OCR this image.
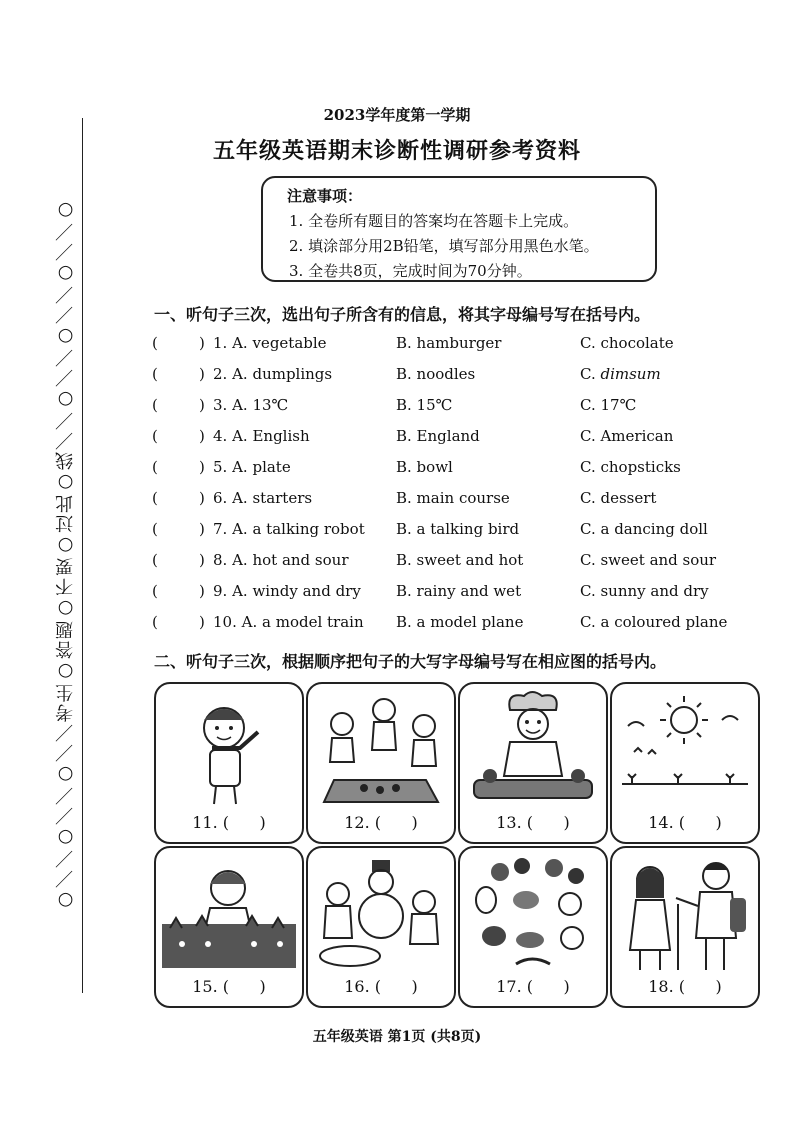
○／／○／／○／／考生○答题○不要○过此○线／／○／／○／／○／／○
2023学年度第一学期
五年级英语期末诊断性调研参考资料
注意事项：
1. 全卷所有题目的答案均在答题卡上完成。
2. 填涂部分用2B铅笔，填写部分用黑色水笔。
3. 全卷共8页，完成时间为70分钟。
一、听句子三次，选出句子所含有的信息，将其字母编号写在括号内。
(	) 1. A. vegetable	B. hamburger	C. chocolate
(	) 2. A. dumplings	B. noodles	C. dimsum
(	) 3. A. 13℃	B. 15℃	C. 17℃
(	) 4. A. English	B. England	C. American
(	) 5. A. plate	B. bowl	C. chopsticks
(	) 6. A. starters	B. main course	C. dessert
(	) 7. A. a talking robot B. a talking bird	C. a dancing doll
(	) 8. A. hot and sour	B. sweet and hot	C. sweet and sour
(	) 9. A. windy and dry B. rainy and wet	C. sunny and dry
(	) 10. A. a model train B. a model plane	C. a coloured plane
二、听句子三次，根据顺序把句子的大写字母编号写在相应图的括号内。
11. (      )	12. (      )	13. (      )	14. (      )
15. (      )	16. (      )	17. (      )	18. (      )
五年级英语 第1页 (共8页)
